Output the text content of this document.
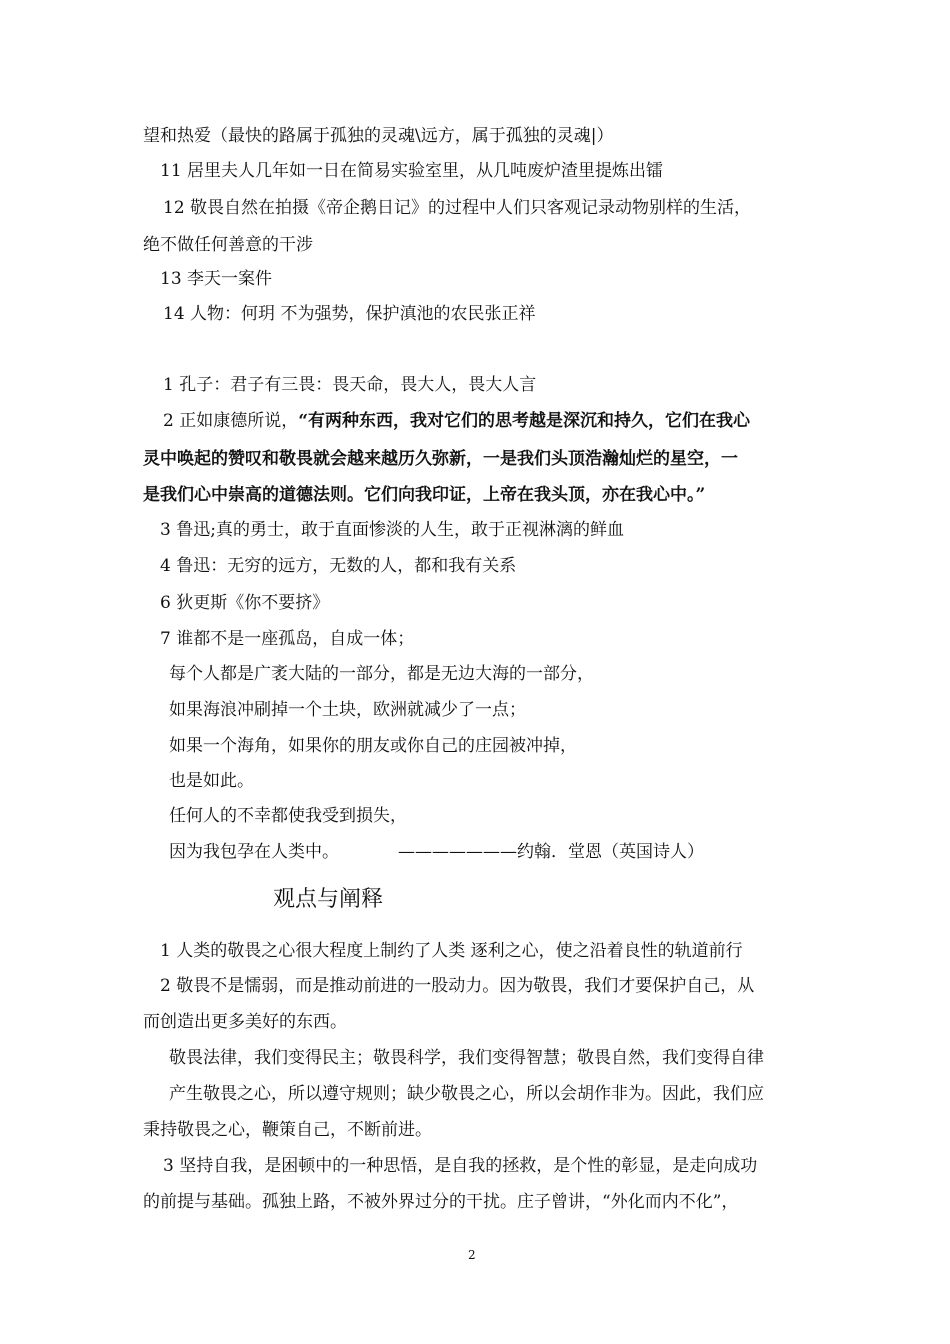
望和热爱（最快的路属于孤独的灵魂\远方，属于孤独的灵魂|）
11 居里夫人几年如一日在简易实验室里，从几吨废炉渣里提炼出镭
12 敬畏自然在拍摄《帝企鹅日记》的过程中人们只客观记录动物别样的生活，
绝不做任何善意的干涉
13 李天一案件
14 人物：何玥 不为强势，保护滇池的农民张正祥
1 孔子：君子有三畏：畏天命，畏大人，畏大人言
2 正如康德所说，“有两种东西，我对它们的思考越是深沉和持久，它们在我心
灵中唤起的赞叹和敬畏就会越来越历久弥新，一是我们头顶浩瀚灿烂的星空，一
是我们心中崇高的道德法则。它们向我印证，上帝在我头顶，亦在我心中。”
3 鲁迅;真的勇士，敢于直面惨淡的人生，敢于正视淋漓的鲜血
4 鲁迅：无穷的远方，无数的人，都和我有关系
6 狄更斯《你不要挤》
7 谁都不是一座孤岛，自成一体；
每个人都是广袤大陆的一部分，都是无边大海的一部分，
如果海浪冲刷掉一个土块，欧洲就减少了一点；
如果一个海角，如果你的朋友或你自己的庄园被冲掉，
也是如此。
任何人的不幸都使我受到损失，
因为我包孕在人类中。	———————约翰．堂恩（英国诗人）
观点与阐释
1 人类的敬畏之心很大程度上制约了人类 逐利之心，使之沿着良性的轨道前行
2 敬畏不是懦弱，而是推动前进的一股动力。因为敬畏，我们才要保护自己，从
而创造出更多美好的东西。
敬畏法律，我们变得民主；敬畏科学，我们变得智慧；敬畏自然，我们变得自律
产生敬畏之心，所以遵守规则；缺少敬畏之心，所以会胡作非为。因此，我们应
秉持敬畏之心，鞭策自己，不断前进。
3 坚持自我，是困顿中的一种思悟，是自我的拯救，是个性的彰显，是走向成功
的前提与基础。孤独上路，不被外界过分的干扰。庄子曾讲，“外化而内不化”，
2
